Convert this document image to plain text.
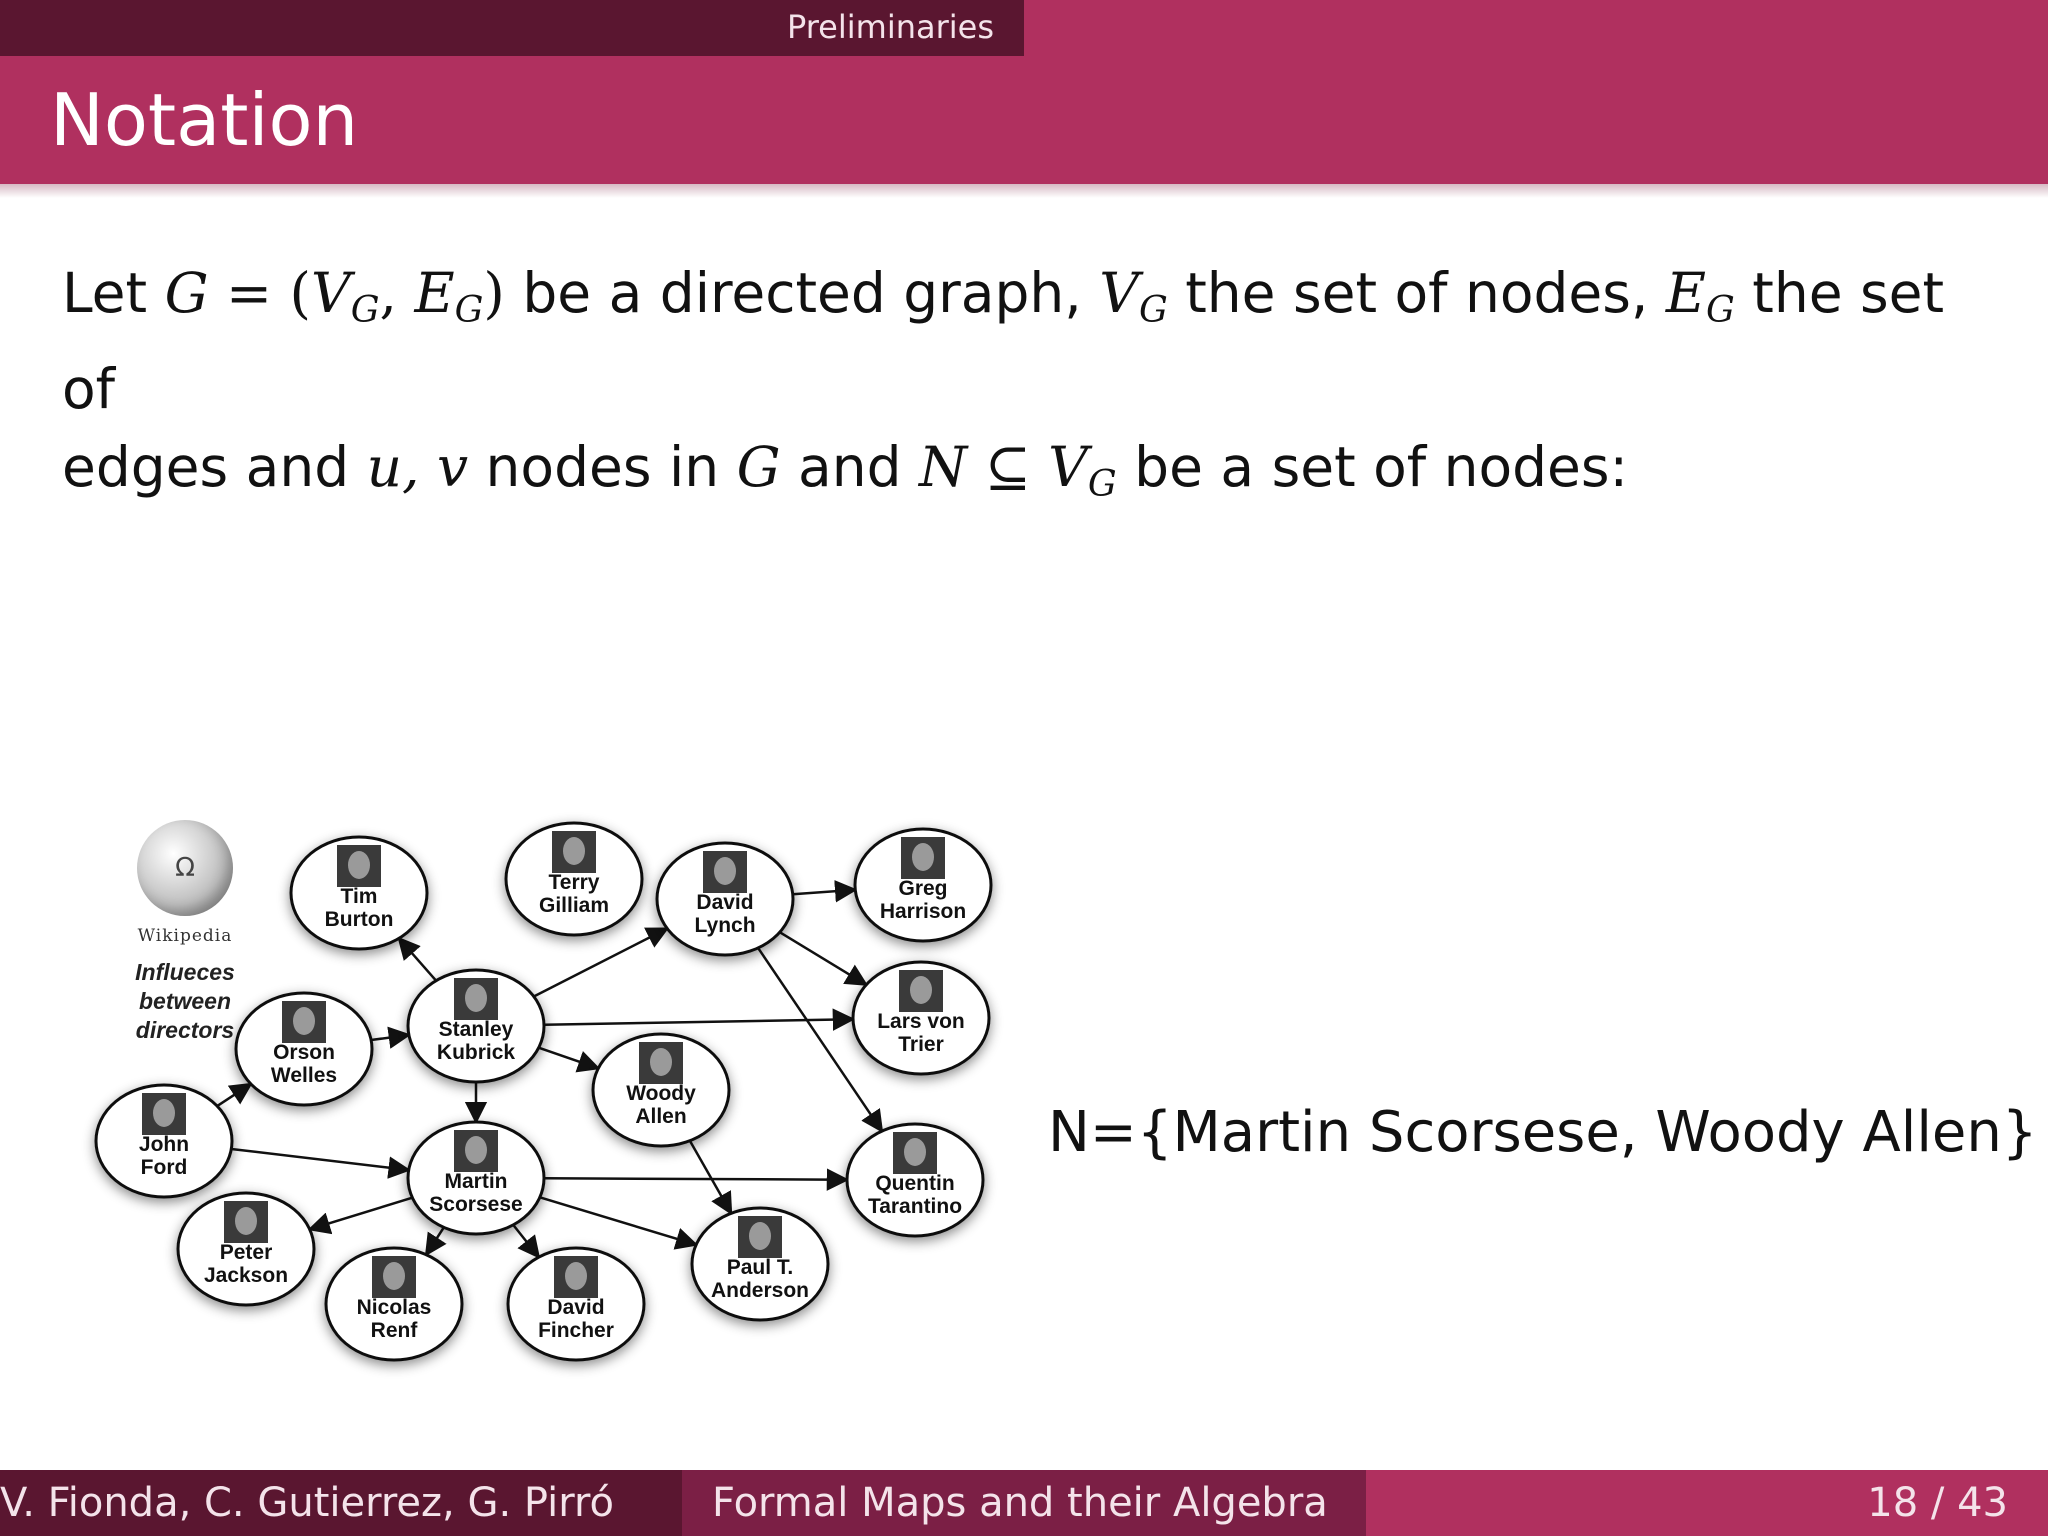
Preliminaries
Notation
Let $G = (V_G$, $E_G$) be a directed graph, $V_G$ the set of nodes, $E_G$ the set of
edges and u, v nodes in G and N ⊆ $V_G$ be a set of nodes:
Ω
Wikipedia
Influeces
between
directors
Tim
Burton
Terry
Gilliam	David
Lynch
Greg
Harrison
Orson
Welles
Stanley
Kubrick
Lars von
Trier
Woody
Allen
John
Ford
Martin
Scorsese
Quentin
Tarantino
Peter
Jackson
Nicolas
Renf
David
Fincher
Paul T.
Anderson
N={Martin Scorsese, Woody Allen}
V. Fionda, C. Gutierrez, G. Pirró Formal Maps and their Algebra	18 / 43
